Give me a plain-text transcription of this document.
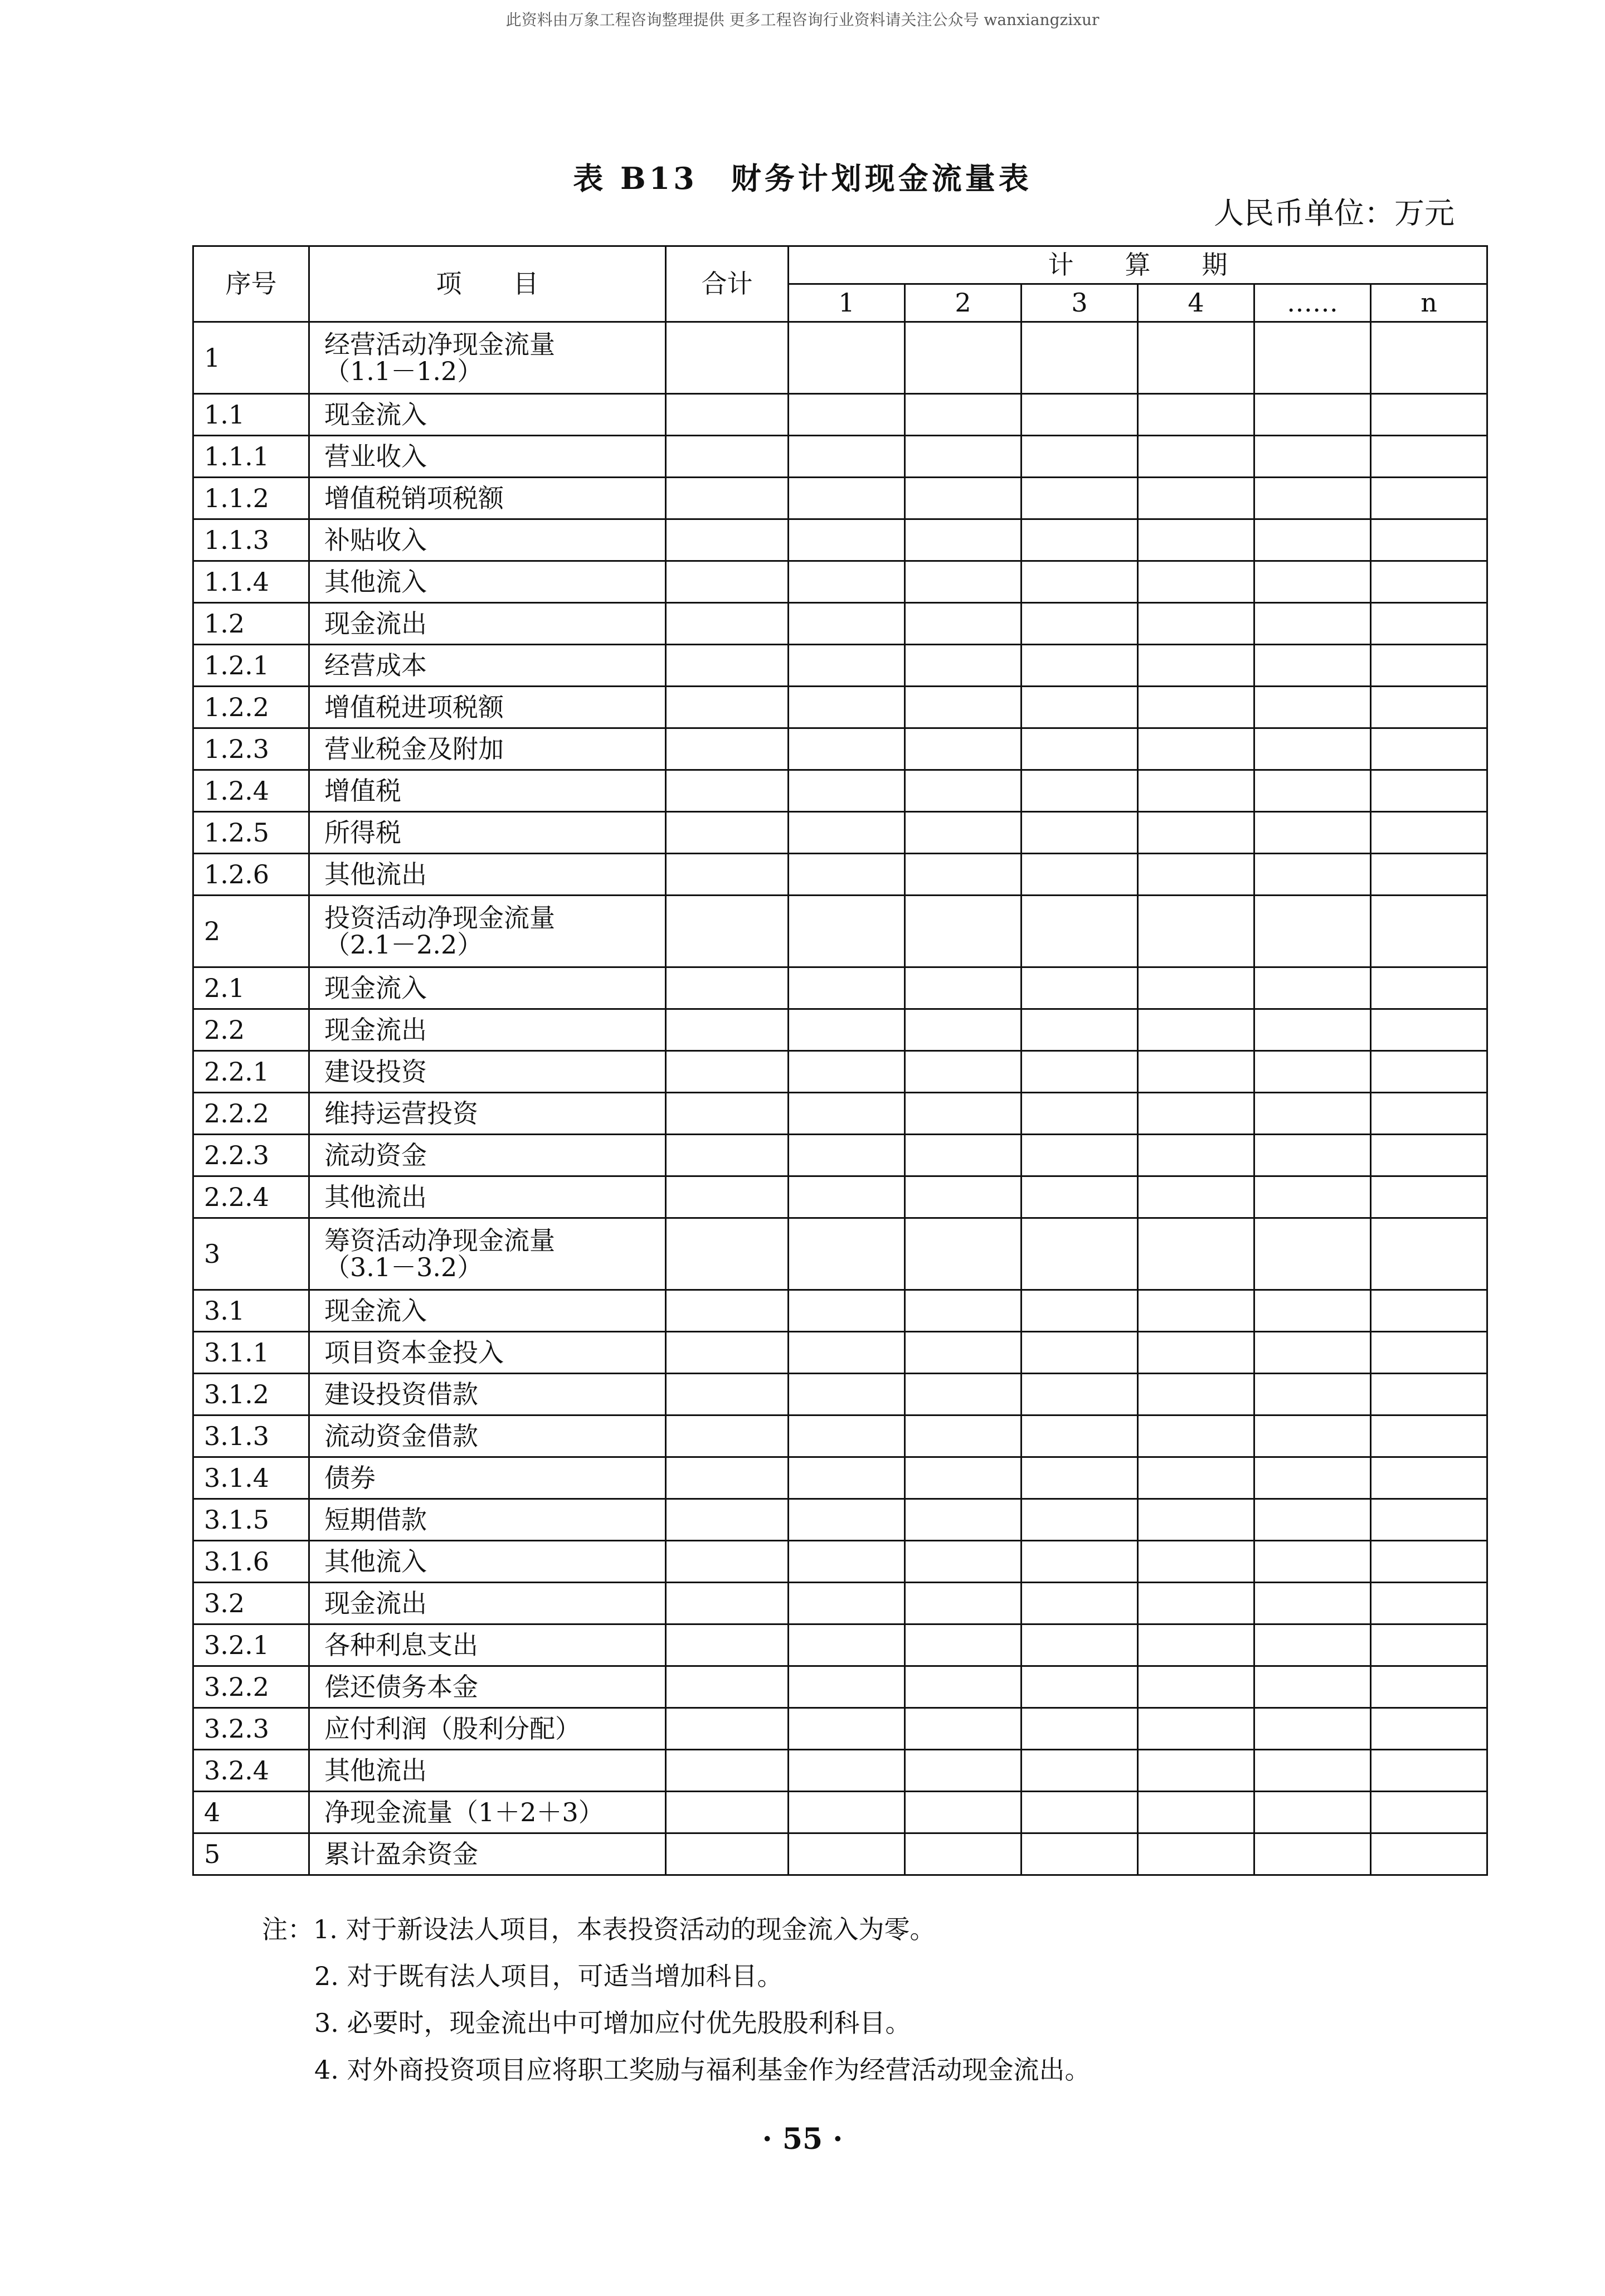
此资料由万象工程咨询整理提供 更多工程咨询行业资料请关注公众号 wanxiangzixur
表 B13　财务计划现金流量表
人民币单位：万元
序号	项　　目	合计	计　　算　　期					
			1	2	3	4	……	n
1	经营活动净现金流量
（1.1－1.2）							

1.1	现金流入							

1.1.1	营业收入							

1.1.2	增值税销项税额							

1.1.3	补贴收入							

1.1.4	其他流入							

1.2	现金流出							

1.2.1	经营成本							

1.2.2	增值税进项税额							

1.2.3	营业税金及附加							

1.2.4	增值税							

1.2.5	所得税							

1.2.6	其他流出							

2	投资活动净现金流量
（2.1－2.2）							

2.1	现金流入							

2.2	现金流出							

2.2.1	建设投资							

2.2.2	维持运营投资							

2.2.3	流动资金							

2.2.4	其他流出							

3	筹资活动净现金流量
（3.1－3.2）							

3.1	现金流入							

3.1.1	项目资本金投入							

3.1.2	建设投资借款							

3.1.3	流动资金借款							

3.1.4	债券							

3.1.5	短期借款							

3.1.6	其他流入							

3.2	现金流出							

3.2.1	各种利息支出							

3.2.2	偿还债务本金							

3.2.3	应付利润（股利分配）							

3.2.4	其他流出							

4	净现金流量（1＋2＋3）							

5	累计盈余资金							

注：1. 对于新设法人项目，本表投资活动的现金流入为零。
2. 对于既有法人项目，可适当增加科目。
3. 必要时，现金流出中可增加应付优先股股利科目。
4. 对外商投资项目应将职工奖励与福利基金作为经营活动现金流出。
· 55 ·
